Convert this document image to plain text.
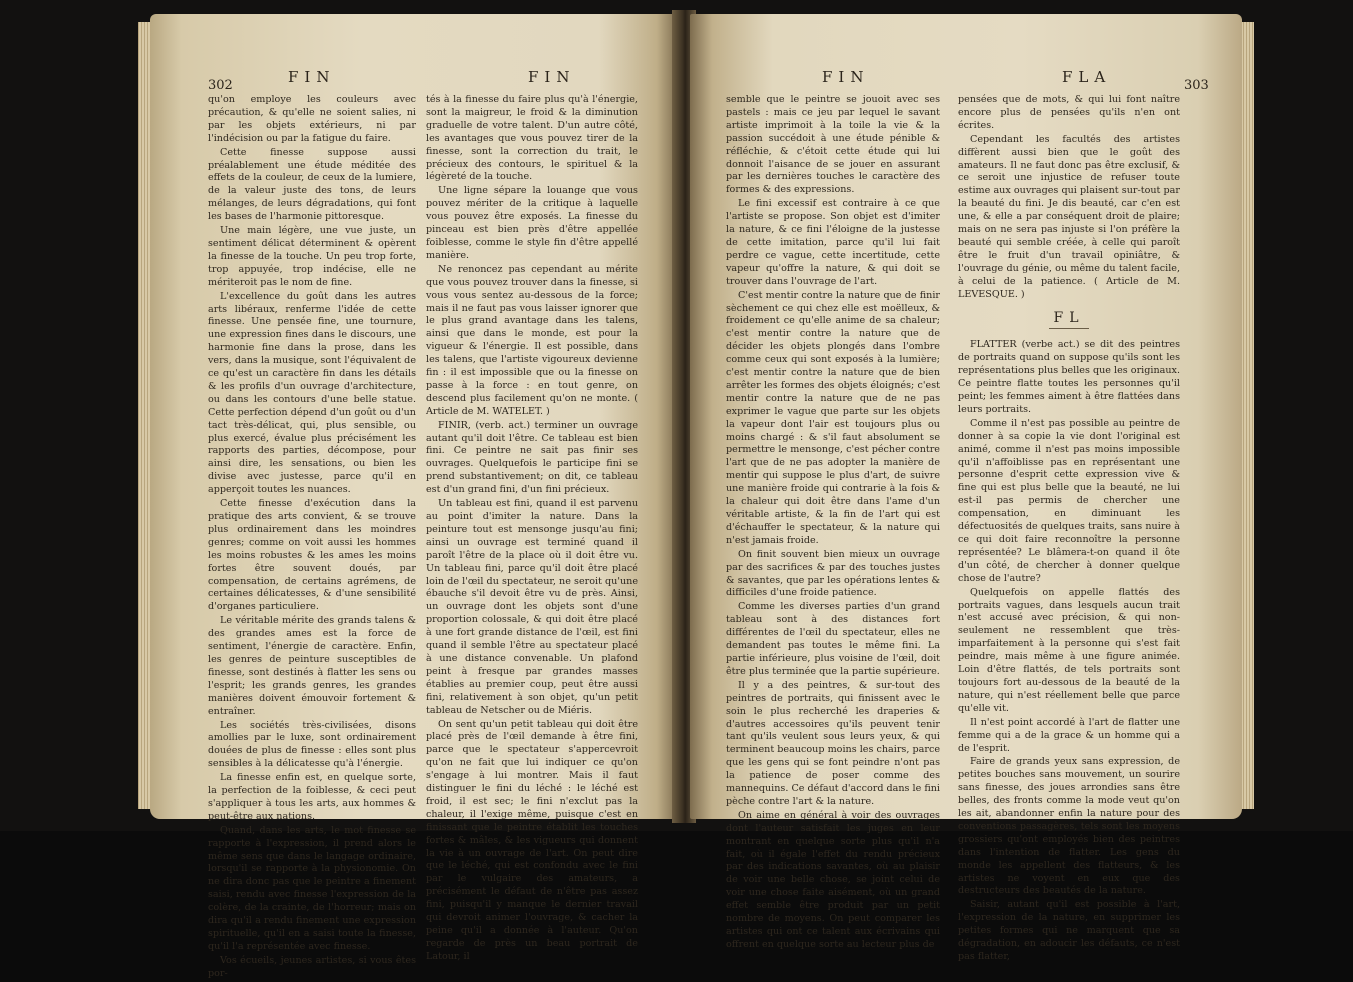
302	FIN	FIN

qu'on employe les couleurs avec précaution, & qu'elle ne soient salies, ni par les objets extérieurs, ni par l'indécision ou par la fatigue du faire.

Cette finesse suppose aussi préalablement une étude méditée des effets de la couleur, de ceux de la lumiere, de la valeur juste des tons, de leurs mélanges, de leurs dégradations, qui font les bases de l'harmonie pittoresque.

Une main légère, une vue juste, un sentiment délicat déterminent & opèrent la finesse de la touche. Un peu trop forte, trop appuyée, trop indécise, elle ne mériteroit pas le nom de fine.

L'excellence du goût dans les autres arts libéraux, renferme l'idée de cette finesse. Une pensée fine, une tournure, une expression fines dans le discours, une harmonie fine dans la prose, dans les vers, dans la musique, sont l'équivalent de ce qu'est un caractère fin dans les détails & les profils d'un ouvrage d'architecture, ou dans les contours d'une belle statue. Cette perfection dépend d'un goût ou d'un tact très-délicat, qui, plus sensible, ou plus exercé, évalue plus précisément les rapports des parties, décompose, pour ainsi dire, les sensations, ou bien les divise avec justesse, parce qu'il en apperçoit toutes les nuances.

Cette finesse d'exécution dans la pratique des arts convient, & se trouve plus ordinairement dans les moindres genres; comme on voit aussi les hommes les moins robustes & les ames les moins fortes être souvent doués, par compensation, de certains agrémens, de certaines délicatesses, & d'une sensibilité d'organes particuliere.

Le véritable mérite des grands talens & des grandes ames est la force de sentiment, l'énergie de caractère. Enfin, les genres de peinture susceptibles de finesse, sont destinés à flatter les sens ou l'esprit; les grands genres, les grandes manières doivent émouvoir fortement & entraîner.

Les sociétés très-civilisées, disons amollies par le luxe, sont ordinairement douées de plus de finesse : elles sont plus sensibles à la délicatesse qu'à l'énergie.

La finesse enfin est, en quelque sorte, la perfection de la foiblesse, & ceci peut s'appliquer à tous les arts, aux hommes & peut-être aux nations.

Quand, dans les arts, le mot finesse se rapporte à l'expression, il prend alors le même sens que dans le langage ordinaire, lorsqu'il se rapporte à la physionomie. On ne dira donc pas que le peintre a finement saisi, rendu avec finesse l'expression de la colère, de la crainte, de l'horreur; mais on dira qu'il a rendu finement une expression spirituelle, qu'il en a saisi toute la finesse, qu'il l'a représentée avec finesse.

Vos écueils, jeunes artistes, si vous êtes por-

tés à la finesse du faire plus qu'à l'énergie, sont la maigreur, le froid & la diminution graduelle de votre talent. D'un autre côté, les avantages que vous pouvez tirer de la finesse, sont la correction du trait, le précieux des contours, le spirituel & la légèreté de la touche.

Une ligne sépare la louange que vous pouvez mériter de la critique à laquelle vous pouvez être exposés. La finesse du pinceau est bien près d'être appellée foiblesse, comme le style fin d'être appellé manière.

Ne renoncez pas cependant au mérite que vous pouvez trouver dans la finesse, si vous vous sentez au-dessous de la force; mais il ne faut pas vous laisser ignorer que le plus grand avantage dans les talens, ainsi que dans le monde, est pour la vigueur & l'énergie. Il est possible, dans les talens, que l'artiste vigoureux devienne fin : il est impossible que ou la finesse on passe à la force : en tout genre, on descend plus facilement qu'on ne monte. ( Article de M. WATELET. )

FINIR, (verb. act.) terminer un ouvrage autant qu'il doit l'être. Ce tableau est bien fini. Ce peintre ne sait pas finir ses ouvrages. Quelquefois le participe fini se prend substantivement; on dit, ce tableau est d'un grand fini, d'un fini précieux.

Un tableau est fini, quand il est parvenu au point d'imiter la nature. Dans la peinture tout est mensonge jusqu'au fini; ainsi un ouvrage est terminé quand il paroît l'être de la place où il doit être vu. Un tableau fini, parce qu'il doit être placé loin de l'œil du spectateur, ne seroit qu'une ébauche s'il devoit être vu de près. Ainsi, un ouvrage dont les objets sont d'une proportion colossale, & qui doit être placé à une fort grande distance de l'œil, est fini quand il semble l'être au spectateur placé à une distance convenable. Un plafond peint à fresque par grandes masses établies au premier coup, peut être aussi fini, relativement à son objet, qu'un petit tableau de Netscher ou de Miéris.

On sent qu'un petit tableau qui doit être placé près de l'œil demande à être fini, parce que le spectateur s'appercevroit qu'on ne fait que lui indiquer ce qu'on s'engage à lui montrer. Mais il faut distinguer le fini du léché : le léché est froid, il est sec; le fini n'exclut pas la chaleur, il l'exige même, puisque c'est en finissant que le peintre établit les touches fortes & mâles, & les vigueurs qui donnent la vie à un ouvrage de l'art. On peut dire que le léché, qui est confondu avec le fini par le vulgaire des amateurs, a précisément le défaut de n'être pas assez fini, puisqu'il y manque le dernier travail qui devroit animer l'ouvrage, & cacher la peine qu'il a donnée à l'auteur. Qu'on regarde de près un beau portrait de Latour, il

FIN	FLA	303

semble que le peintre se jouoit avec ses pastels : mais ce jeu par lequel le savant artiste imprimoit à la toile la vie & la passion succédoit à une étude pénible & réfléchie, & c'étoit cette étude qui lui donnoit l'aisance de se jouer en assurant par les dernières touches le caractère des formes & des expressions.

Le fini excessif est contraire à ce que l'artiste se propose. Son objet est d'imiter la nature, & ce fini l'éloigne de la justesse de cette imitation, parce qu'il lui fait perdre ce vague, cette incertitude, cette vapeur qu'offre la nature, & qui doit se trouver dans l'ouvrage de l'art.

C'est mentir contre la nature que de finir sèchement ce qui chez elle est moëlleux, & froidement ce qu'elle anime de sa chaleur; c'est mentir contre la nature que de décider les objets plongés dans l'ombre comme ceux qui sont exposés à la lumière; c'est mentir contre la nature que de bien arrêter les formes des objets éloignés; c'est mentir contre la nature que de ne pas exprimer le vague que parte sur les objets la vapeur dont l'air est toujours plus ou moins chargé : & s'il faut absolument se permettre le mensonge, c'est pécher contre l'art que de ne pas adopter la manière de mentir qui suppose le plus d'art, de suivre une manière froide qui contrarie à la fois & la chaleur qui doit être dans l'ame d'un véritable artiste, & la fin de l'art qui est d'échauffer le spectateur, & la nature qui n'est jamais froide.

On finit souvent bien mieux un ouvrage par des sacrifices & par des touches justes & savantes, que par les opérations lentes & difficiles d'une froide patience.

Comme les diverses parties d'un grand tableau sont à des distances fort différentes de l'œil du spectateur, elles ne demandent pas toutes le même fini. La partie inférieure, plus voisine de l'œil, doit être plus terminée que la partie supérieure.

Il y a des peintres, & sur-tout des peintres de portraits, qui finissent avec le soin le plus recherché les draperies & d'autres accessoires qu'ils peuvent tenir tant qu'ils veulent sous leurs yeux, & qui terminent beaucoup moins les chairs, parce que les gens qui se font peindre n'ont pas la patience de poser comme des mannequins. Ce défaut d'accord dans le fini pèche contre l'art & la nature.

On aime en général à voir des ouvrages dont l'auteur satisfait les juges en leur montrant en quelque sorte plus qu'il n'a fait, où il égale l'effet du rendu précieux par des indications savantes, où au plaisir de voir une belle chose, se joint celui de voir une chose faite aisément, où un grand effet semble être produit par un petit nombre de moyens. On peut comparer les artistes qui ont ce talent aux écrivains qui offrent en quelque sorte au lecteur plus de

pensées que de mots, & qui lui font naître encore plus de pensées qu'ils n'en ont écrites.

Cependant les facultés des artistes diffèrent aussi bien que le goût des amateurs. Il ne faut donc pas être exclusif, & ce seroit une injustice de refuser toute estime aux ouvrages qui plaisent sur-tout par la beauté du fini. Je dis beauté, car c'en est une, & elle a par conséquent droit de plaire; mais on ne sera pas injuste si l'on préfère la beauté qui semble créée, à celle qui paroît être le fruit d'un travail opiniâtre, & l'ouvrage du génie, ou même du talent facile, à celui de la patience. ( Article de M. LEVESQUE. )

FL

FLATTER (verbe act.) se dit des peintres de portraits quand on suppose qu'ils sont les représentations plus belles que les originaux. Ce peintre flatte toutes les personnes qu'il peint; les femmes aiment à être flattées dans leurs portraits.

Comme il n'est pas possible au peintre de donner à sa copie la vie dont l'original est animé, comme il n'est pas moins impossible qu'il n'affoiblisse pas en représentant une personne d'esprit cette expression vive & fine qui est plus belle que la beauté, ne lui est-il pas permis de chercher une compensation, en diminuant les défectuosités de quelques traits, sans nuire à ce qui doit faire reconnoître la personne représentée? Le blâmera-t-on quand il ôte d'un côté, de chercher à donner quelque chose de l'autre?

Quelquefois on appelle flattés des portraits vagues, dans lesquels aucun trait n'est accusé avec précision, & qui non-seulement ne ressemblent que très-imparfaitement à la personne qui s'est fait peindre, mais même à une figure animée. Loin d'être flattés, de tels portraits sont toujours fort au-dessous de la beauté de la nature, qui n'est réellement belle que parce qu'elle vit.

Il n'est point accordé à l'art de flatter une femme qui a de la grace & un homme qui a de l'esprit.

Faire de grands yeux sans expression, de petites bouches sans mouvement, un sourire sans finesse, des joues arrondies sans être belles, des fronts comme la mode veut qu'on les ait, abandonner enfin la nature pour des conventions passagères, tels sont les moyens grossiers qu'ont employés bien des peintres dans l'intention de flatter. Les gens du monde les appellent des flatteurs, & les artistes ne voyent en eux que des destructeurs des beautés de la nature.

Saisir, autant qu'il est possible à l'art, l'expression de la nature, en supprimer les petites formes qui ne marquent que sa dégradation, en adoucir les défauts, ce n'est pas flatter,
